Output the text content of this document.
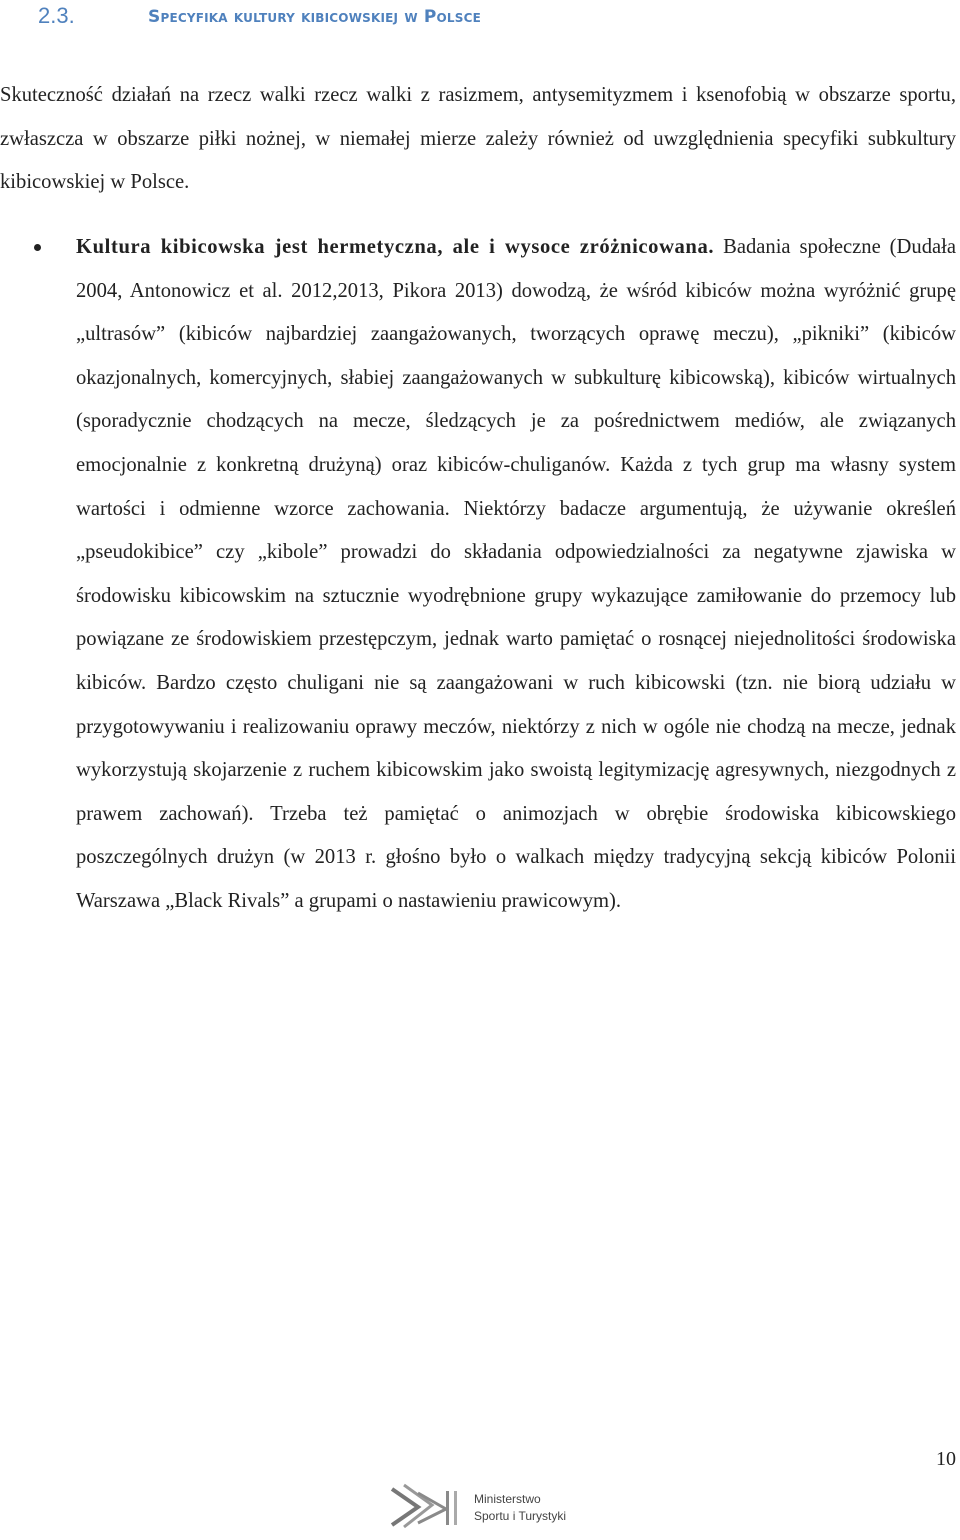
2.3.	Specyfika kultury kibicowskiej w Polsce

Skuteczność działań na rzecz walki rzecz walki z rasizmem, antysemityzmem i ksenofobią w obszarze sportu, zwłaszcza w obszarze piłki nożnej, w niemałej mierze zależy również od uwzględnienia specyfiki subkultury kibicowskiej w Polsce.

Kultura kibicowska jest hermetyczna, ale i wysoce zróżnicowana. Badania społeczne (Dudała 2004, Antonowicz et al. 2012,2013, Pikora 2013) dowodzą, że wśród kibiców można wyróżnić grupę „ultrasów” (kibiców najbardziej zaangażowanych, tworzących oprawę meczu), „pikniki” (kibiców okazjonalnych, komercyjnych, słabiej zaangażowanych w subkulturę kibicowską), kibiców wirtualnych (sporadycznie chodzących na mecze, śledzących je za pośrednictwem mediów, ale związanych emocjonalnie z konkretną drużyną) oraz kibiców-chuliganów. Każda z tych grup ma własny system wartości i odmienne wzorce zachowania. Niektórzy badacze argumentują, że używanie określeń „pseudokibice” czy „kibole” prowadzi do składania odpowiedzialności za negatywne zjawiska w środowisku kibicowskim na sztucznie wyodrębnione grupy wykazujące zamiłowanie do przemocy lub powiązane ze środowiskiem przestępczym, jednak warto pamiętać o rosnącej niejednolitości środowiska kibiców. Bardzo często chuligani nie są zaangażowani w ruch kibicowski (tzn. nie biorą udziału w przygotowywaniu i realizowaniu oprawy meczów, niektórzy z nich w ogóle nie chodzą na mecze, jednak wykorzystują skojarzenie z ruchem kibicowskim jako swoistą legitymizację agresywnych, niezgodnych z prawem zachowań). Trzeba też pamiętać o animozjach w obrębie środowiska kibicowskiego poszczególnych drużyn (w 2013 r. głośno było o walkach między tradycyjną sekcją kibiców Polonii Warszawa „Black Rivals” a grupami o nastawieniu prawicowym).

10
Ministerstwo
Sportu i Turystyki
